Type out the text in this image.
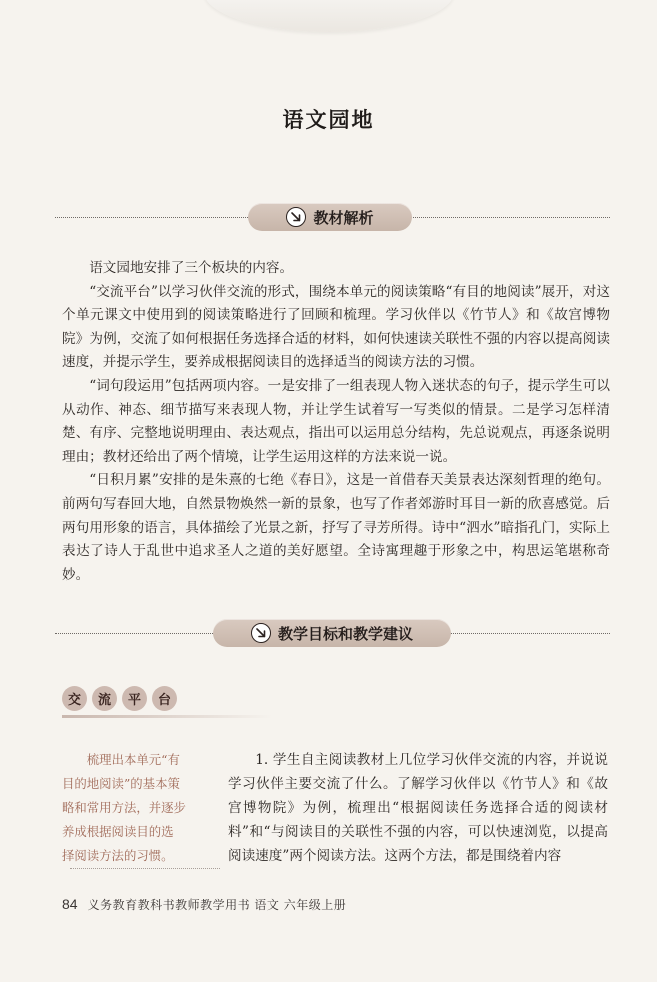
语文园地
教材解析

语文园地安排了三个板块的内容。

“交流平台”以学习伙伴交流的形式，围绕本单元的阅读策略“有目的地阅读”展开，对这个单元课文中使用到的阅读策略进行了回顾和梳理。学习伙伴以《竹节人》和《故宫博物院》为例，交流了如何根据任务选择合适的材料，如何快速读关联性不强的内容以提高阅读速度，并提示学生，要养成根据阅读目的选择适当的阅读方法的习惯。

“词句段运用”包括两项内容。一是安排了一组表现人物入迷状态的句子，提示学生可以从动作、神态、细节描写来表现人物，并让学生试着写一写类似的情景。二是学习怎样清楚、有序、完整地说明理由、表达观点，指出可以运用总分结构，先总说观点，再逐条说明理由；教材还给出了两个情境，让学生运用这样的方法来说一说。

“日积月累”安排的是朱熹的七绝《春日》，这是一首借春天美景表达深刻哲理的绝句。前两句写春回大地，自然景物焕然一新的景象，也写了作者郊游时耳目一新的欣喜感觉。后两句用形象的语言，具体描绘了光景之新，抒写了寻芳所得。诗中“泗水”暗指孔门，实际上表达了诗人于乱世中追求圣人之道的美好愿望。全诗寓理趣于形象之中，构思运笔堪称奇妙。

教学目标和教学建议
交	流	平	台
梳理出本单元“有
目的地阅读”的基本策
略和常用方法，并逐步
养成根据阅读目的选
择阅读方法的习惯。

1. 学生自主阅读教材上几位学习伙伴交流的内容，并说说学习伙伴主要交流了什么。了解学习伙伴以《竹节人》和《故宫博物院》为例，梳理出“根据阅读任务选择合适的阅读材料”和“与阅读目的关联性不强的内容，可以快速浏览，以提高阅读速度”两个阅读方法。这两个方法，都是围绕着内容

84 义务教育教科书教师教学用书 语文 六年级上册
